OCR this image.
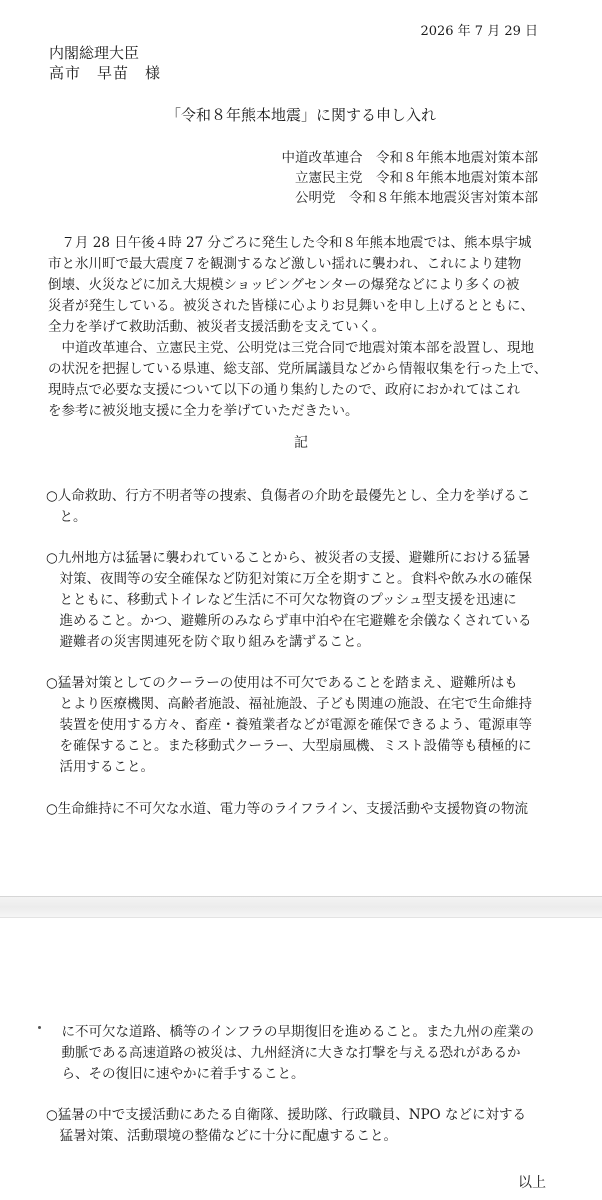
2026 年 7 月 29 日

内閣総理大臣

高市　早苗　様

「令和８年熊本地震」に関する申し入れ

中道改革連合　令和８年熊本地震対策本部

立憲民主党　令和８年熊本地震対策本部

公明党　令和８年熊本地震災害対策本部

　７月 28 日午後４時 27 分ごろに発生した令和８年熊本地震では、熊本県宇城

市と氷川町で最大震度７を観測するなど激しい揺れに襲われ、これにより建物

倒壊、火災などに加え大規模ショッピングセンターの爆発などにより多くの被

災者が発生している。被災された皆様に心よりお見舞いを申し上げるとともに、

全力を挙げて救助活動、被災者支援活動を支えていく。

　中道改革連合、立憲民主党、公明党は三党合同で地震対策本部を設置し、現地

の状況を把握している県連、総支部、党所属議員などから情報収集を行った上で、

現時点で必要な支援について以下の通り集約したので、政府におかれてはこれ

を参考に被災地支援に全力を挙げていただきたい。

記

○人命救助、行方不明者等の捜索、負傷者の介助を最優先とし、全力を挙げるこ

　と。

○九州地方は猛暑に襲われていることから、被災者の支援、避難所における猛暑

　対策、夜間等の安全確保など防犯対策に万全を期すこと。食料や飲み水の確保

　とともに、移動式トイレなど生活に不可欠な物資のプッシュ型支援を迅速に

　進めること。かつ、避難所のみならず車中泊や在宅避難を余儀なくされている

　避難者の災害関連死を防ぐ取り組みを講ずること。

○猛暑対策としてのクーラーの使用は不可欠であることを踏まえ、避難所はも

　とより医療機関、高齢者施設、福祉施設、子ども関連の施設、在宅で生命維持

　装置を使用する方々、畜産・養殖業者などが電源を確保できるよう、電源車等

　を確保すること。また移動式クーラー、大型扇風機、ミスト設備等も積極的に

　活用すること。

○生命維持に不可欠な水道、電力等のライフライン、支援活動や支援物資の物流

　に不可欠な道路、橋等のインフラの早期復旧を進めること。また九州の産業の

　動脈である高速道路の被災は、九州経済に大きな打撃を与える恐れがあるか

　ら、その復旧に速やかに着手すること。

○猛暑の中で支援活動にあたる自衛隊、援助隊、行政職員、NPO などに対する

　猛暑対策、活動環境の整備などに十分に配慮すること。

以上
